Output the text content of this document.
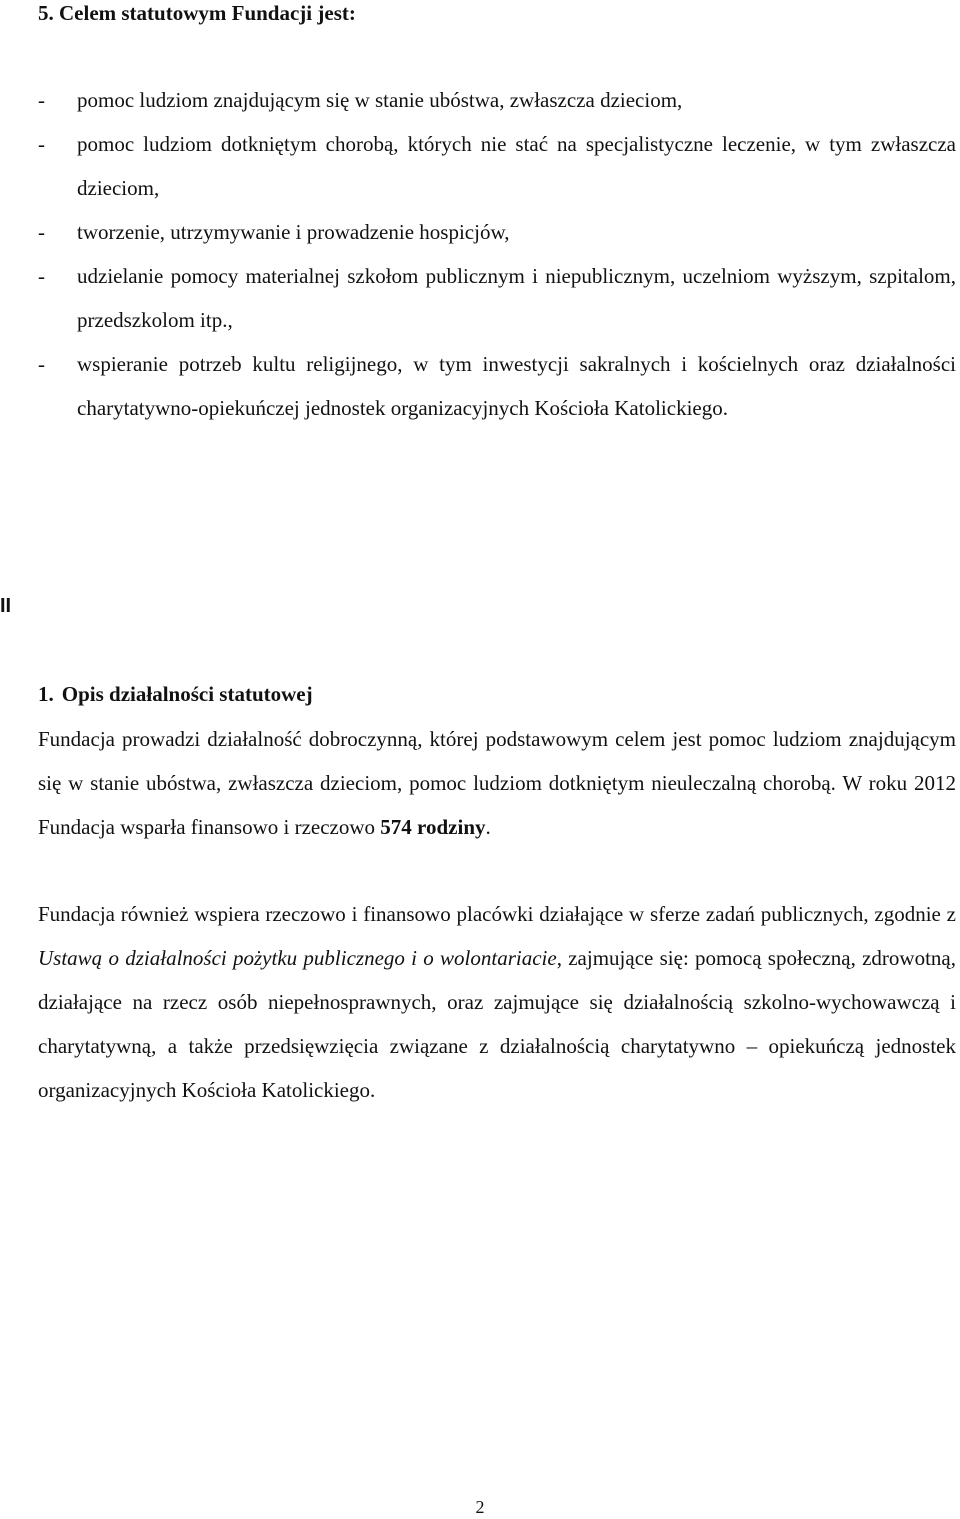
5. Celem statutowym Fundacji jest:
- pomoc ludziom znajdującym się w stanie ubóstwa, zwłaszcza dzieciom,
- pomoc ludziom dotkniętym chorobą, których nie stać na specjalistyczne leczenie, w tym zwłaszcza dzieciom,
- tworzenie, utrzymywanie i prowadzenie hospicjów,
- udzielanie pomocy materialnej szkołom publicznym i niepublicznym, uczelniom wyższym, szpitalom, przedszkolom itp.,
- wspieranie potrzeb kultu religijnego, w tym inwestycji sakralnych i kościelnych oraz działalności charytatywno-opiekuńczej jednostek organizacyjnych Kościoła Katolickiego.
II
1. Opis działalności statutowej

Fundacja prowadzi działalność dobroczynną, której podstawowym celem jest pomoc ludziom znajdującym się w stanie ubóstwa, zwłaszcza dzieciom, pomoc ludziom dotkniętym nieuleczalną chorobą. W roku 2012 Fundacja wsparła finansowo i rzeczowo 574 rodziny.

Fundacja również wspiera rzeczowo i finansowo placówki działające w sferze zadań publicznych, zgodnie z Ustawą o działalności pożytku publicznego i o wolontariacie, zajmujące się: pomocą społeczną, zdrowotną, działające na rzecz osób niepełnosprawnych, oraz zajmujące się działalnością szkolno-wychowawczą i charytatywną, a także przedsięwzięcia związane z działalnością charytatywno – opiekuńczą jednostek organizacyjnych Kościoła Katolickiego.

2
